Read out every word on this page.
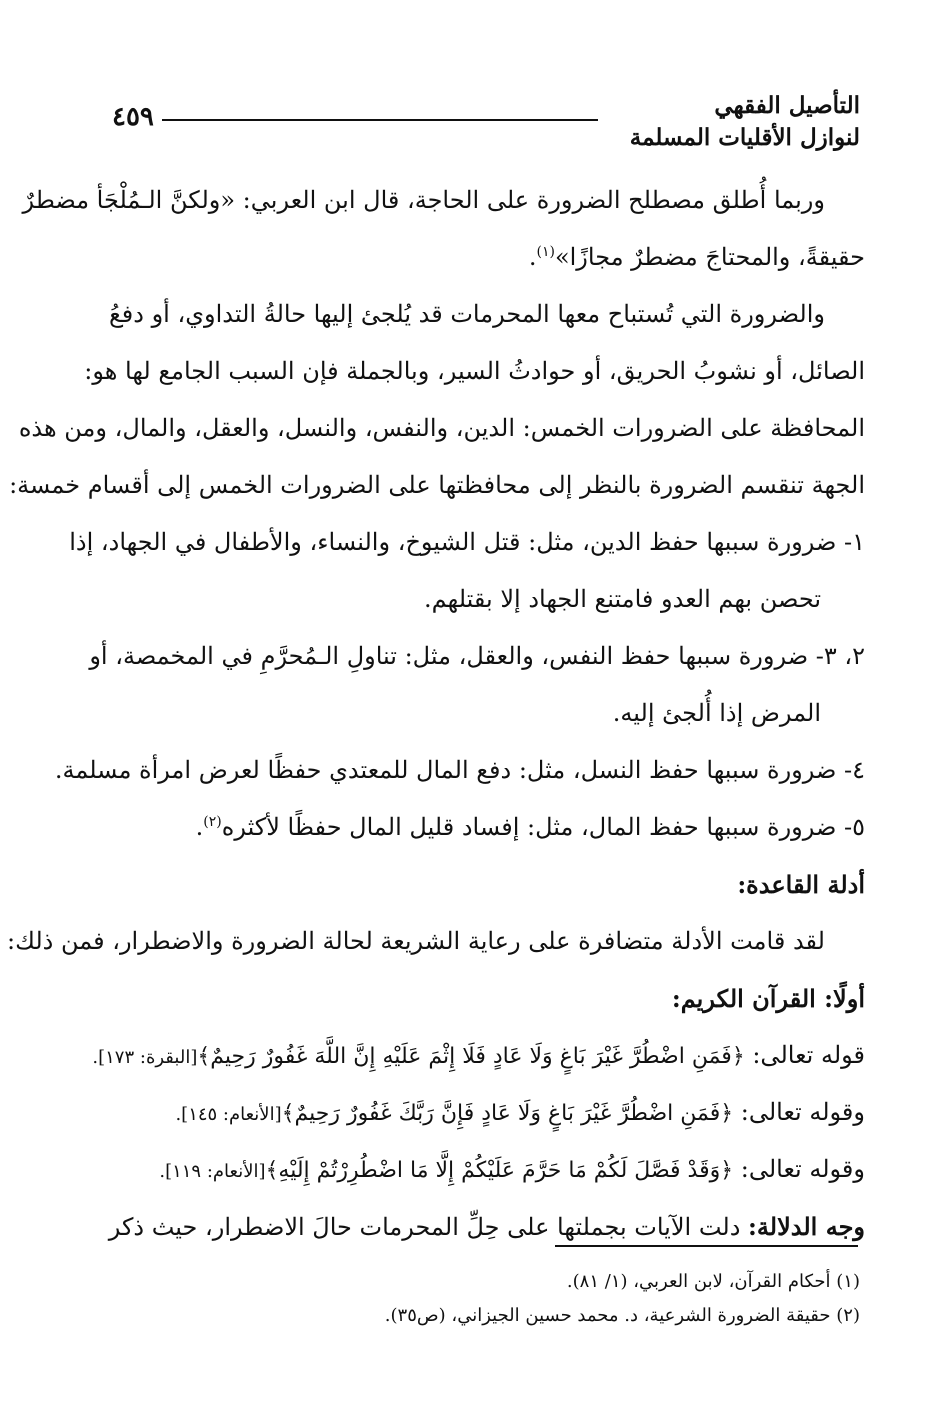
٤٥٩	التأصيل الفقهي
لنوازل الأقليات المسلمة
وربما أُطلق مصطلح الضرورة على الحاجة، قال ابن العربي: «ولكنَّ الـمُلْجَأ مضطرٌ
حقيقةً، والمحتاجَ مضطرٌ مجازًا»$^{(١)}$.
والضرورة التي تُستباح معها المحرمات قد يُلجئ إليها حالةُ التداوي، أو دفعُ
الصائل، أو نشوبُ الحريق، أو حوادثُ السير، وبالجملة فإن السبب الجامع لها هو:
المحافظة على الضرورات الخمس: الدين، والنفس، والنسل، والعقل، والمال، ومن هذه
الجهة تنقسم الضرورة بالنظر إلى محافظتها على الضرورات الخمس إلى أقسام خمسة:
١- ضرورة سببها حفظ الدين، مثل: قتل الشيوخ، والنساء، والأطفال في الجهاد، إذا
تحصن بهم العدو فامتنع الجهاد إلا بقتلهم.
٢، ٣- ضرورة سببها حفظ النفس، والعقل، مثل: تناولِ الـمُحرَّمِ في المخمصة، أو
المرض إذا أُلجئ إليه.
٤- ضرورة سببها حفظ النسل، مثل: دفع المال للمعتدي حفظًا لعرض امرأة مسلمة.
٥- ضرورة سببها حفظ المال، مثل: إفساد قليل المال حفظًا لأكثره$^{(٢)}$.
أدلة القاعدة:
لقد قامت الأدلة متضافرة على رعاية الشريعة لحالة الضرورة والاضطرار، فمن ذلك:
أولًا: القرآن الكريم:
قوله تعالى: ﴿فَمَنِ اضْطُرَّ غَيْرَ بَاغٍ وَلَا عَادٍ فَلَا إِثْمَ عَلَيْهِ إِنَّ اللَّهَ غَفُورٌ رَحِيمٌ﴾[البقرة: ١٧٣].
وقوله تعالى: ﴿فَمَنِ اضْطُرَّ غَيْرَ بَاغٍ وَلَا عَادٍ فَإِنَّ رَبَّكَ غَفُورٌ رَحِيمٌ﴾[الأنعام: ١٤٥].
وقوله تعالى: ﴿وَقَدْ فَصَّلَ لَكُمْ مَا حَرَّمَ عَلَيْكُمْ إِلَّا مَا اضْطُرِرْتُمْ إِلَيْهِ﴾[الأنعام: ١١٩].
وجه الدلالة: دلت الآيات بجملتها على حِلِّ المحرمات حالَ الاضطرار، حيث ذكر
(١) أحكام القرآن، لابن العربي، (١/ ٨١).
(٢) حقيقة الضرورة الشرعية، د. محمد حسين الجيزاني، (ص٣٥).
